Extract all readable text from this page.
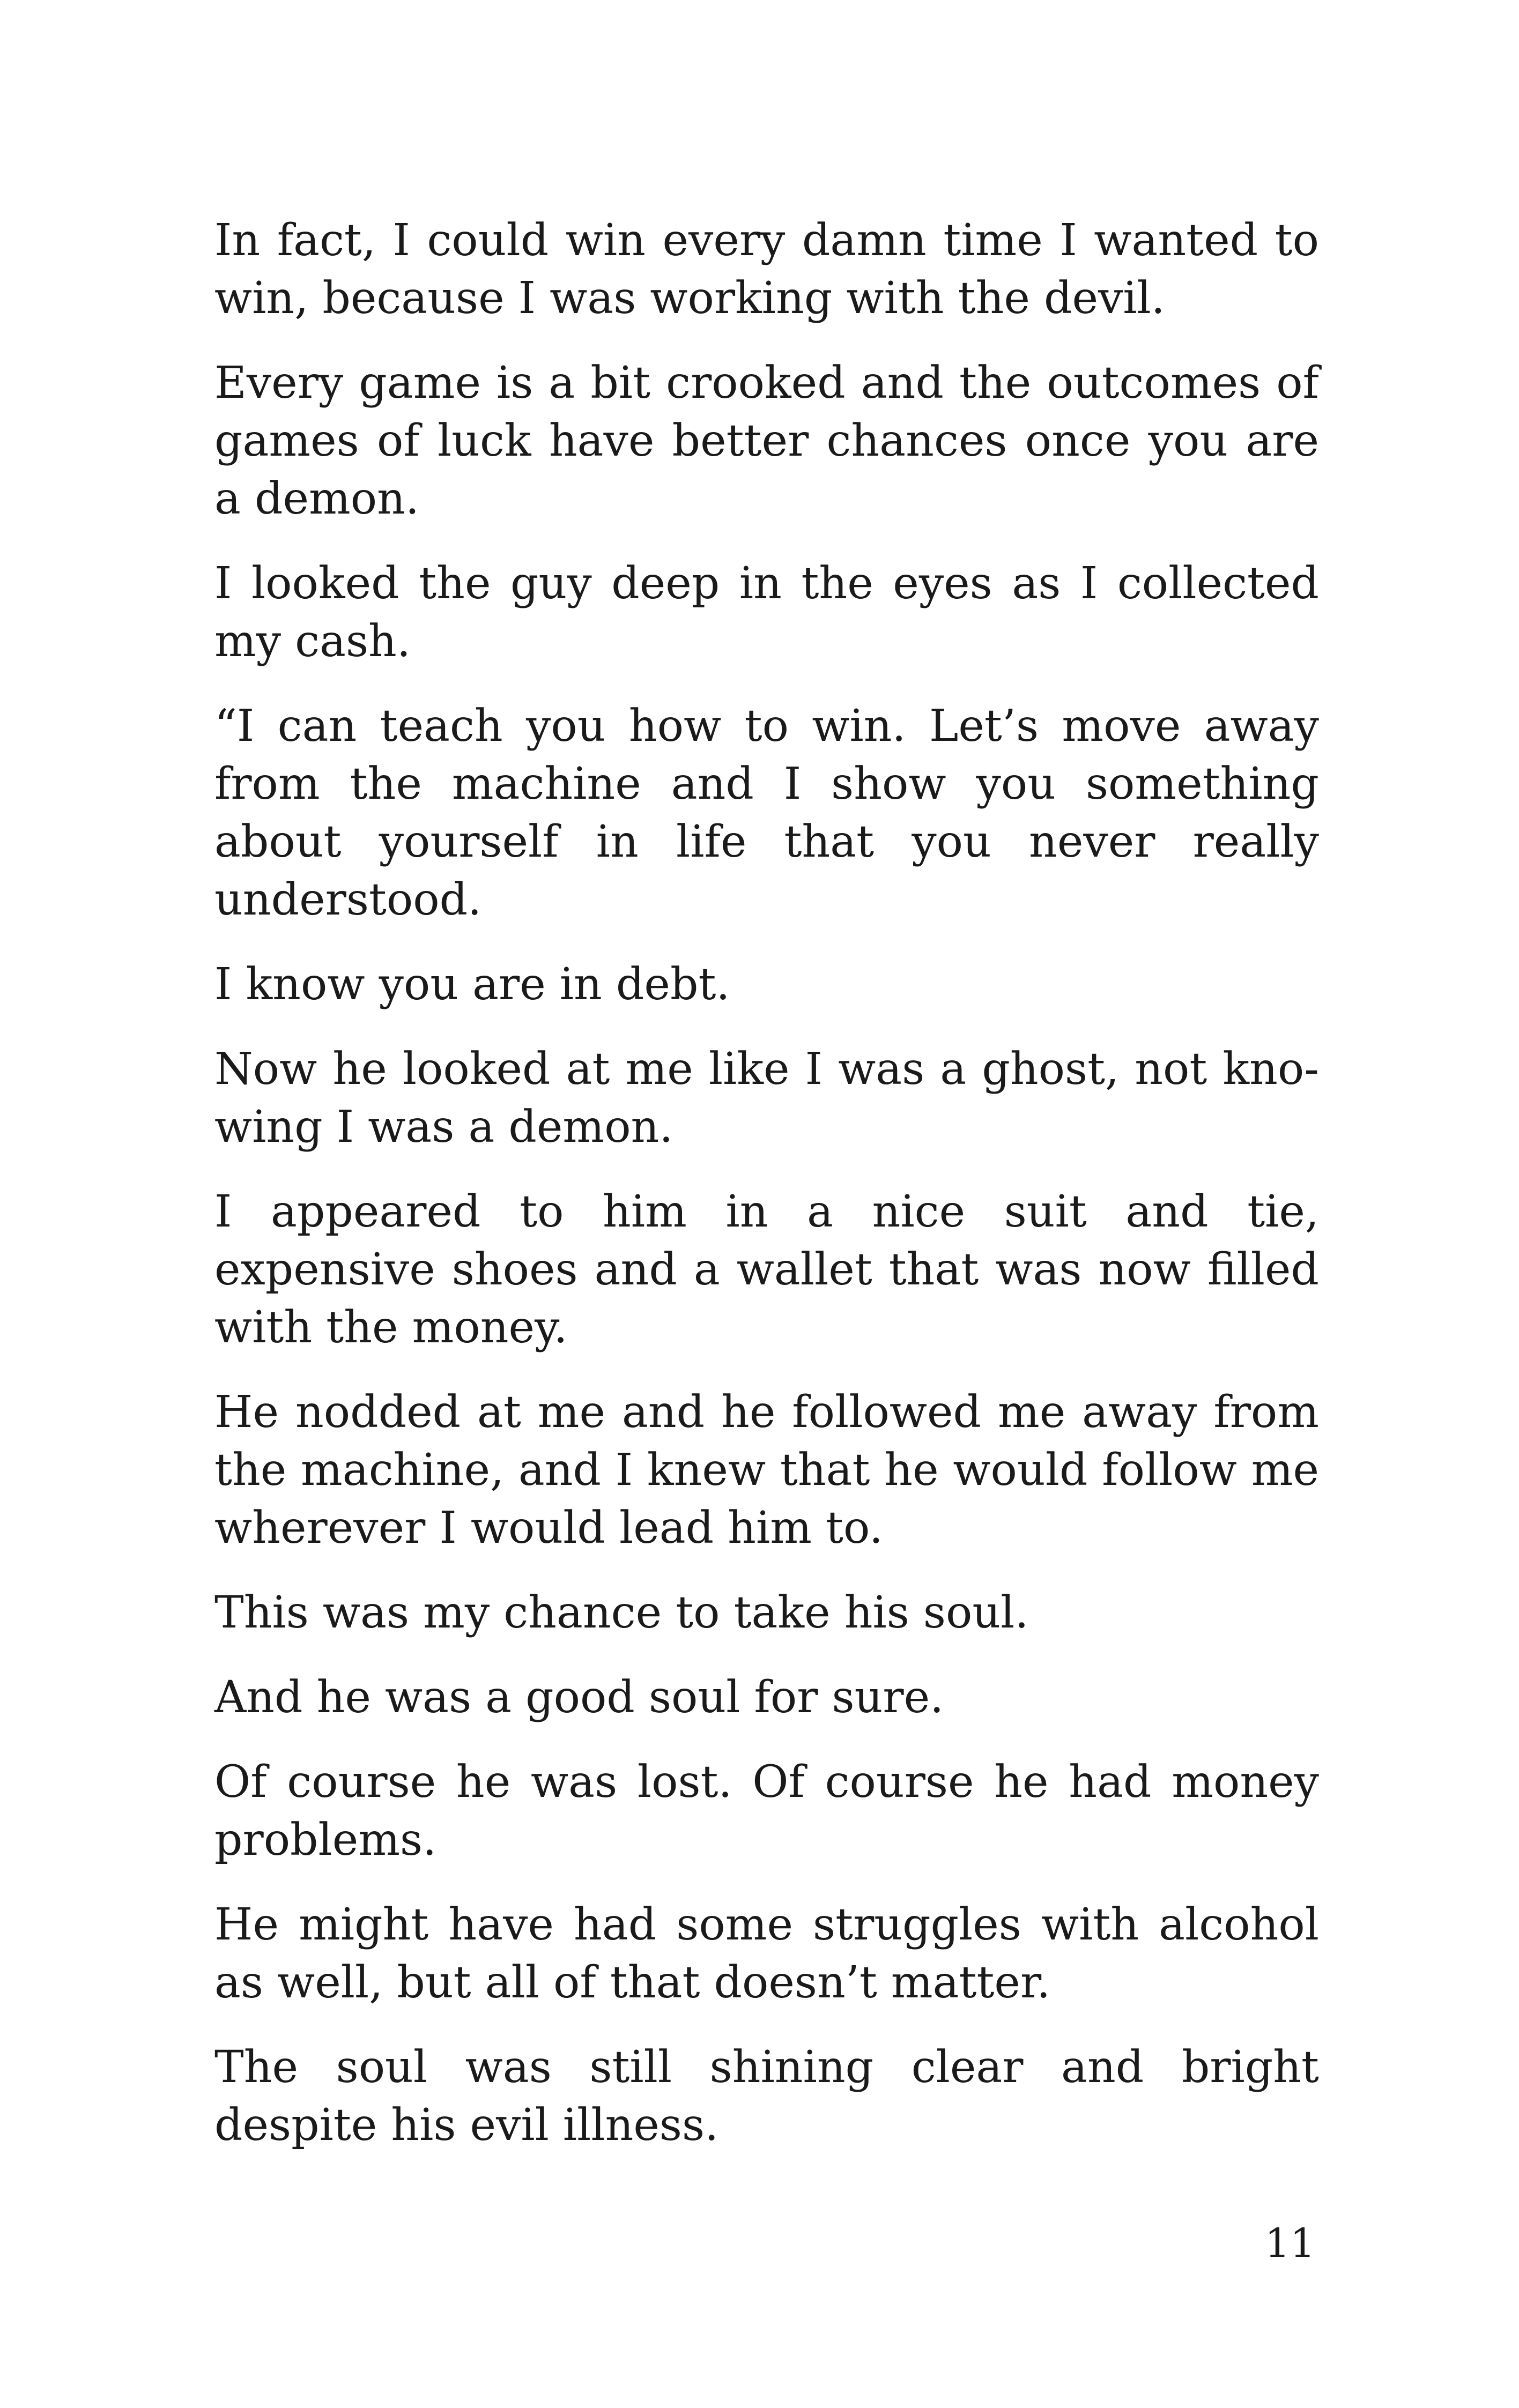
In fact, I could win every damn time I wanted to win, because I was working with the devil.

Every game is a bit crooked and the outcomes of games of luck have better chances once you are a demon.

I looked the guy deep in the eyes as I collected my cash.

“I can teach you how to win. Let’s move away from the machine and I show you something about yourself in life that you never really understood.

I know you are in debt.

Now he looked at me like I was a ghost, not knowing I was a demon.

I appeared to him in a nice suit and tie, expensive shoes and a wallet that was now filled with the money.

He nodded at me and he followed me away from the machine, and I knew that he would follow me wherever I would lead him to.

This was my chance to take his soul.

And he was a good soul for sure.

Of course he was lost. Of course he had money problems.

He might have had some struggles with alcohol as well, but all of that doesn’t matter.

The soul was still shining clear and bright despite his evil illness.

11
